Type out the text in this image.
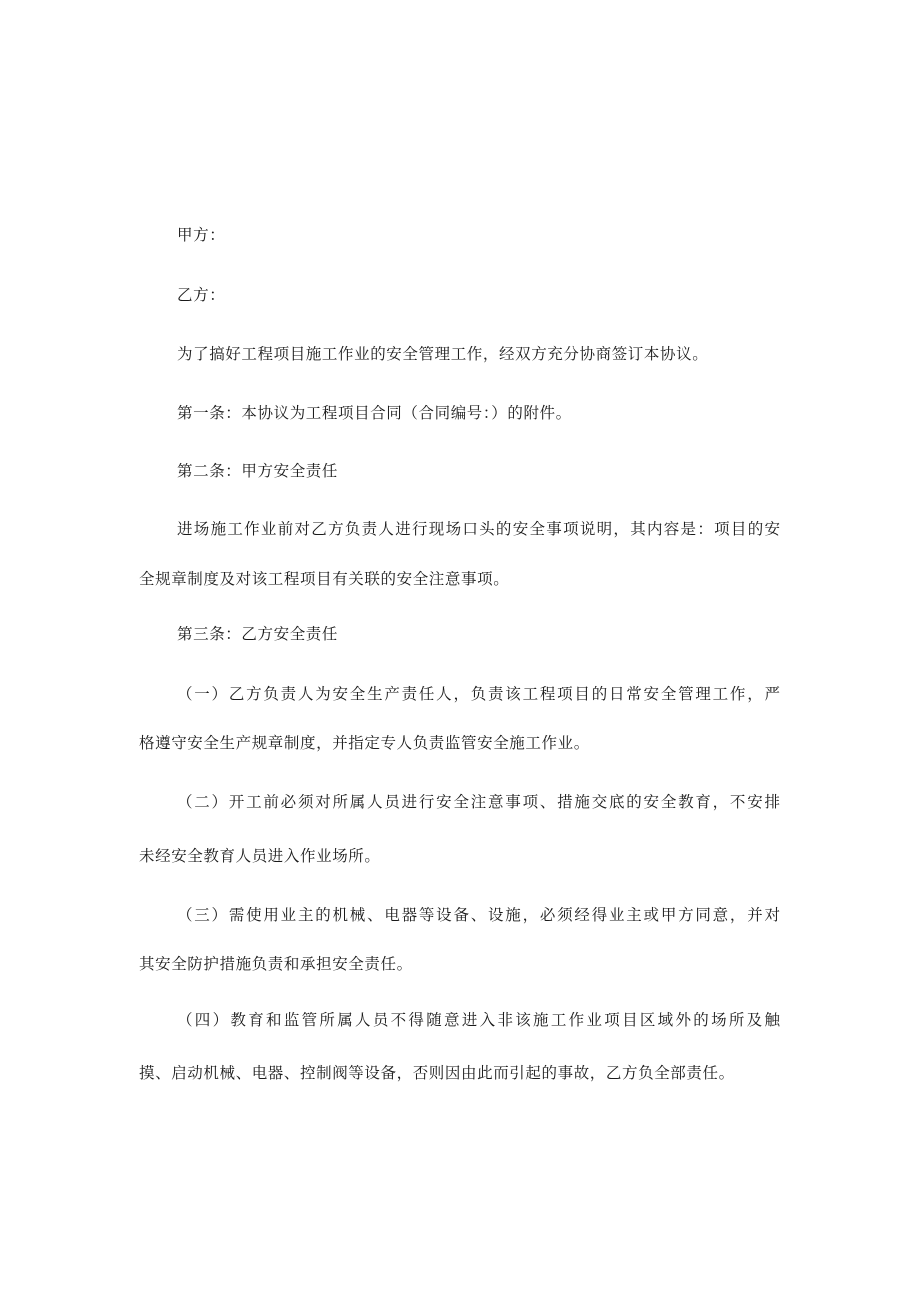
甲方：
乙方：
为了搞好工程项目施工作业的安全管理工作，经双方充分协商签订本协议。
第一条：本协议为工程项目合同（合同编号：）的附件。
第二条：甲方安全责任
进场施工作业前对乙方负责人进行现场口头的安全事项说明，其内容是：项目的安
全规章制度及对该工程项目有关联的安全注意事项。
第三条：乙方安全责任
（一）乙方负责人为安全生产责任人，负责该工程项目的日常安全管理工作，严
格遵守安全生产规章制度，并指定专人负责监管安全施工作业。
（二）开工前必须对所属人员进行安全注意事项、措施交底的安全教育，不安排
未经安全教育人员进入作业场所。
（三）需使用业主的机械、电器等设备、设施，必须经得业主或甲方同意，并对
其安全防护措施负责和承担安全责任。
（四）教育和监管所属人员不得随意进入非该施工作业项目区域外的场所及触
摸、启动机械、电器、控制阀等设备，否则因由此而引起的事故，乙方负全部责任。
